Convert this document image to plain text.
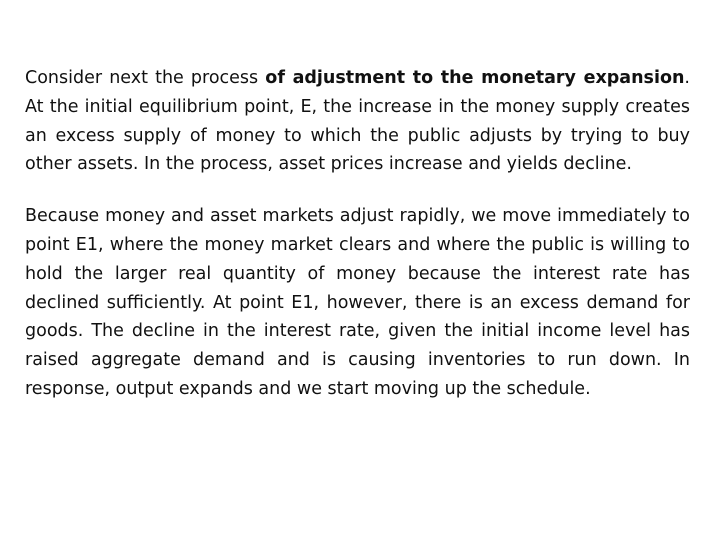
Consider next the process of adjustment to the monetary expansion. At the initial equilibrium point, E, the increase in the money supply creates an excess supply of money to which the public adjusts by trying to buy other assets. In the process, asset prices increase and yields decline.

Because money and asset markets adjust rapidly, we move immediately to point E1, where the money market clears and where the public is willing to hold the larger real quantity of money because the interest rate has declined sufficiently. At point E1, however, there is an excess demand for goods. The decline in the interest rate, given the initial income level has raised aggregate demand and is causing inventories to run down. In response, output expands and we start moving up the schedule.
